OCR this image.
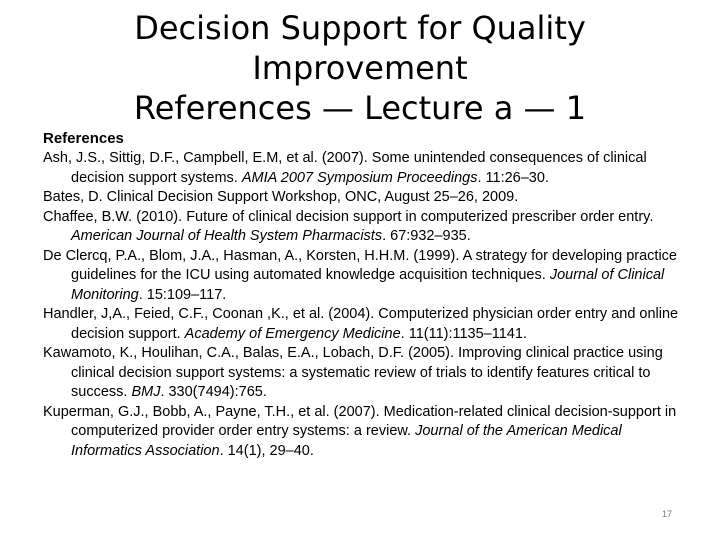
Decision Support for Quality
Improvement
References — Lecture a — 1

References

Ash, J.S., Sittig, D.F., Campbell, E.M, et al. (2007). Some unintended consequences of clinical decision support systems. AMIA 2007 Symposium Proceedings. 11:26–30.
Bates, D. Clinical Decision Support Workshop, ONC, August 25–26, 2009.
Chaffee, B.W. (2010). Future of clinical decision support in computerized prescriber order entry. American Journal of Health System Pharmacists. 67:932–935.
De Clercq, P.A., Blom, J.A., Hasman, A., Korsten, H.H.M. (1999). A strategy for developing practice guidelines for the ICU using automated knowledge acquisition techniques. Journal of Clinical Monitoring. 15:109–117.
Handler, J,A., Feied, C.F., Coonan ,K., et al. (2004). Computerized physician order entry and online decision support. Academy of Emergency Medicine. 11(11):1135–1141.
Kawamoto, K., Houlihan, C.A., Balas, E.A., Lobach, D.F. (2005). Improving clinical practice using clinical decision support systems: a systematic review of trials to identify features critical to success. BMJ. 330(7494):765.
Kuperman, G.J., Bobb, A., Payne, T.H., et al. (2007). Medication-related clinical decision-support in computerized provider order entry systems: a review. Journal of the American Medical Informatics Association. 14(1), 29–40.
17
